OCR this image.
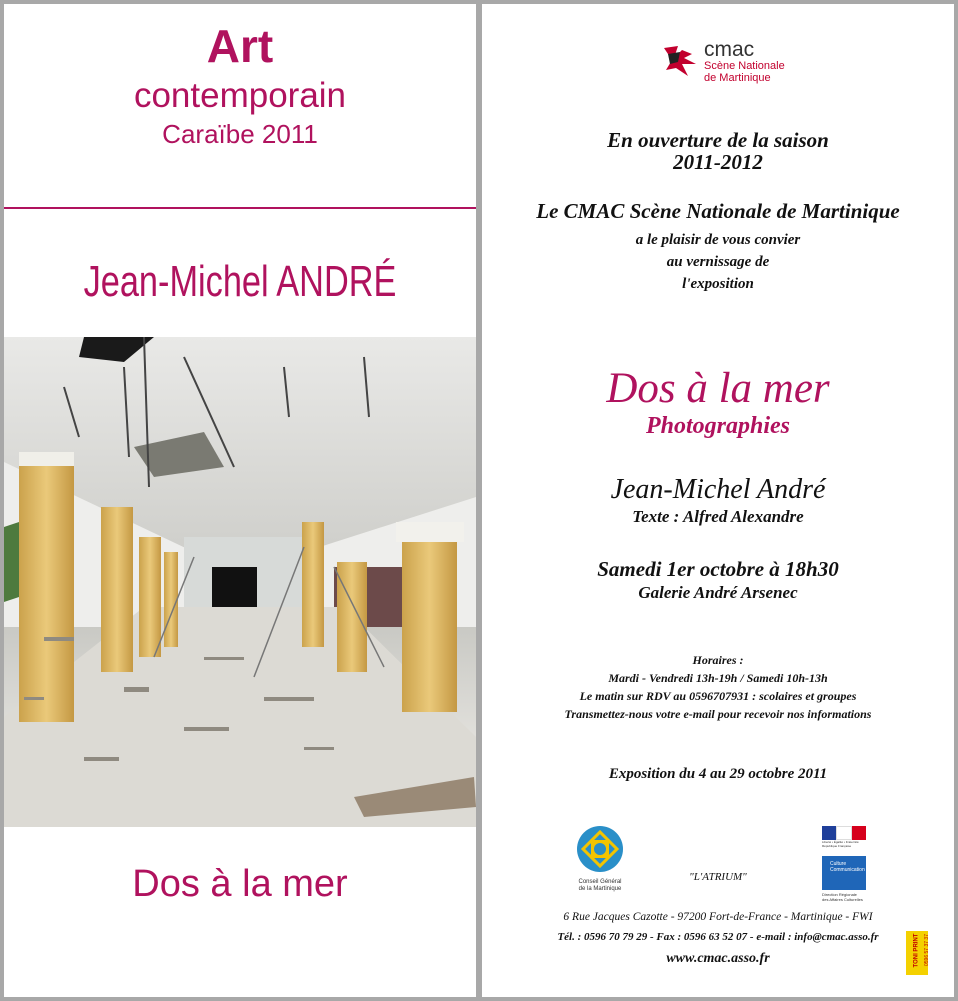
Art
contemporain
Caraïbe 2011
Jean-Michel ANDRÉ
Dos à la mer
cmac
Scène Nationale
de Martinique
En ouverture de la saison
2011-2012
Le CMAC Scène Nationale de Martinique
a le plaisir de vous convier
au vernissage de
l'exposition
Dos à la mer
Photographies
Jean-Michel André
Texte : Alfred Alexandre
Samedi 1er octobre à 18h30
Galerie André Arsenec
Horaires :
Mardi - Vendredi 13h-19h / Samedi 10h-13h
Le matin sur RDV au 0596707931 : scolaires et groupes
Transmettez-nous votre e-mail pour recevoir nos informations
Exposition du 4 au 29 octobre 2011
Conseil Général
de la Martinique
Liberté • Égalité • Fraternité
République Française
Culture
Communication
Direction Régionale
des Affaires Culturelles
"L'ATRIUM"
6 Rue Jacques Cazotte - 97200 Fort-de-France - Martinique - FWI
Tél. : 0596 70 79 29 - Fax : 0596 63 52 07 - e-mail : info@cmac.asso.fr
www.cmac.asso.fr	TONI PRINT 0596 57 37 37
